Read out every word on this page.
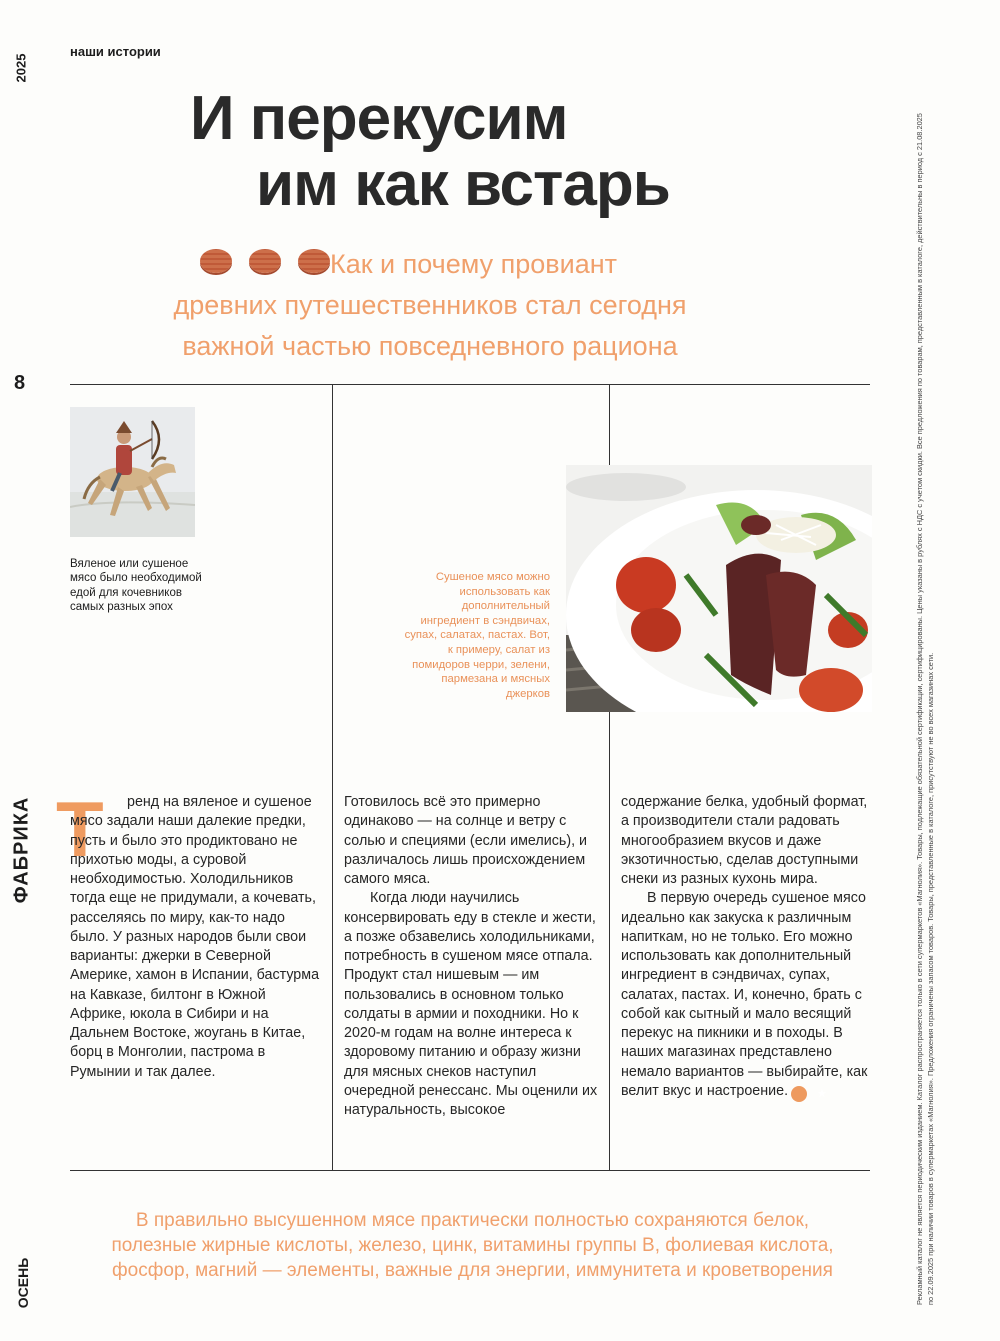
2025
наши истории
8
ФАБРИКА
ОСЕНЬ	Рекламный каталог не является периодическим изданием. Каталог распространяется только в сети супермаркетов «Магнолия». Товары, подлежащие обязательной сертификации, сертифицированы. Цены указаны в рублях с НДС с учетом скидки. Все предложения по товарам, представленным в каталоге, действительны в период с 21.08.2025 по 22.09.2025 при наличии товаров в супермаркетах «Магнолия». Предложения ограничены запасом товаров. Товары, представленные в каталоге, присутствуют не во всех магазинах сети.
И перекусим
им как встарь
Как и почему провиант
древних путешественников стал сегодня
важной частью повседневного рациона
Вяленое или сушеное мясо было необходимой едой для кочевников самых разных эпох
Сушеное мясо можно использовать как дополнительный ингредиент в сэндвичах, супах, салатах, пастах. Вот, к примеру, салат из помидоров черри, зелени, пармезана и мясных джерков
Т	ренд на вяленое и сушеное мясо задали наши далекие предки, пусть и было это продиктовано не прихотью моды, а суровой необходимостью. Холодильников тогда еще не придумали, а кочевать, расселяясь по миру, как-то надо было. У разных народов были свои варианты: джерки в Северной Америке, хамон в Испании, бастурма на Кавказе, билтонг в Южной Африке, юкола в Сибири и на Дальнем Востоке, жоугань в Китае, борц в Монголии, пастрома в Румынии и так далее.

Готовилось всё это примерно одинаково — на солнце и ветру с солью и специями (если имелись), и различалось лишь происхождением самого мяса.

Когда люди научились консервировать еду в стекле и жести, а позже обзавелись холодильниками, потребность в сушеном мясе отпала. Продукт стал нишевым — им пользовались в основном только солдаты в армии и походники. Но к 2020-м годам на волне интереса к здоровому питанию и образу жизни для мясных снеков наступил очередной ренессанс. Мы оценили их натуральность, высокое

содержание белка, удобный формат, а производители стали радовать многообразием вкусов и даже экзотичностью, сделав доступными снеки из разных кухонь мира.

В первую очередь сушеное мясо идеально как закуска к различным напиткам, но не только. Его можно использовать как дополнительный ингредиент в сэндвичах, супах, салатах, пастах. И, конечно, брать с собой как сытный и мало весящий перекус на пикники и в походы. В наших магазинах представлено немало вариантов — выбирайте, как велит вкус и настроение.	★

В правильно высушенном мясе практически полностью сохраняются белок, полезные жирные кислоты, железо, цинк, витамины группы В, фолиевая кислота, фосфор, магний — элементы, важные для энергии, иммунитета и кроветворения
